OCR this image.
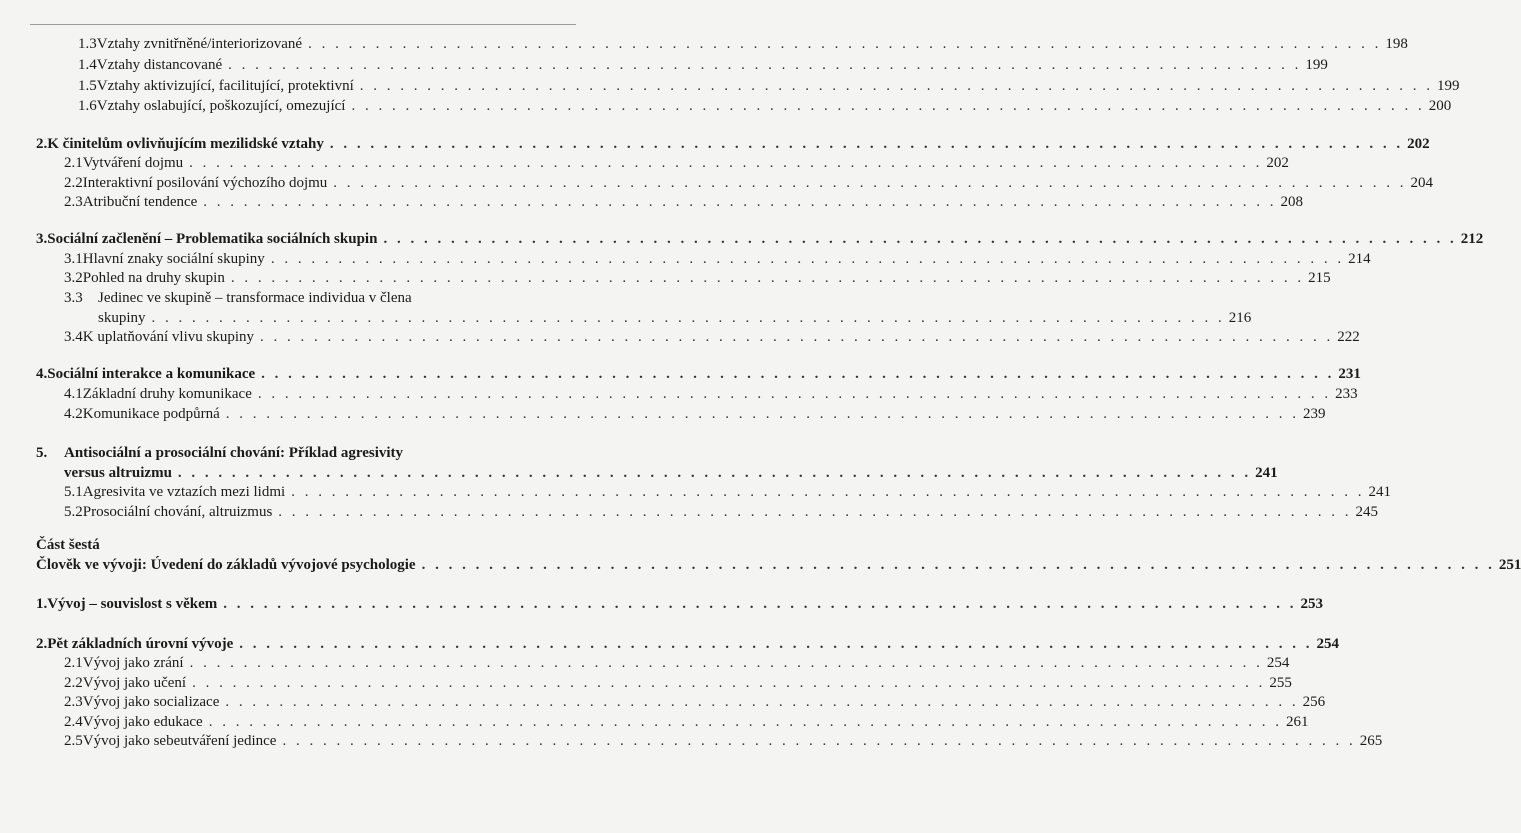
1.3 Vztahy zvnitřněné/interiorizované . . . . . . . . . . . . . . . . . . . . . . . . . . . . . . . . . . . . . . . . . . . . . . . . . . . . . . . . . . . . . . . . . . . . . . . . . . . . . . . . 198
1.4 Vztahy distancované . . . . . . . . . . . . . . . . . . . . . . . . . . . . . . . . . . . . . . . . . . . . . . . . . . . . . . . . . . . . . . . . . . . . . . . . . . . . . . . . 199
1.5 Vztahy aktivizující, facilitující, protektivní . . . . . . . . . . . . . . . . . . . . . . . . . . . . . . . . . . . . . . . . . . . . . . . . . . . . . . . . . . . . . . . . . . . . . . . . . . . . . . . . 199
1.6 Vztahy oslabující, poškozující, omezující . . . . . . . . . . . . . . . . . . . . . . . . . . . . . . . . . . . . . . . . . . . . . . . . . . . . . . . . . . . . . . . . . . . . . . . . . . . . . . . . 200
2. K činitelům ovlivňujícím mezilidské vztahy . . . . . . . . . . . . . . . . . . . . . . . . . . . . . . . . . . . . . . . . . . . . . . . . . . . . . . . . . . . . . . . . . . . . . . . . . . . . . . . . 202
2.1 Vytváření dojmu . . . . . . . . . . . . . . . . . . . . . . . . . . . . . . . . . . . . . . . . . . . . . . . . . . . . . . . . . . . . . . . . . . . . . . . . . . . . . . . . 202
2.2 Interaktivní posilování výchozího dojmu . . . . . . . . . . . . . . . . . . . . . . . . . . . . . . . . . . . . . . . . . . . . . . . . . . . . . . . . . . . . . . . . . . . . . . . . . . . . . . . . 204
2.3 Atribuční tendence . . . . . . . . . . . . . . . . . . . . . . . . . . . . . . . . . . . . . . . . . . . . . . . . . . . . . . . . . . . . . . . . . . . . . . . . . . . . . . . . 208
3. Sociální začlenění – Problematika sociálních skupin . . . . . . . . . . . . . . . . . . . . . . . . . . . . . . . . . . . . . . . . . . . . . . . . . . . . . . . . . . . . . . . . . . . . . . . . . . . . . . . . 212
3.1 Hlavní znaky sociální skupiny . . . . . . . . . . . . . . . . . . . . . . . . . . . . . . . . . . . . . . . . . . . . . . . . . . . . . . . . . . . . . . . . . . . . . . . . . . . . . . . . 214
3.2 Pohled na druhy skupin . . . . . . . . . . . . . . . . . . . . . . . . . . . . . . . . . . . . . . . . . . . . . . . . . . . . . . . . . . . . . . . . . . . . . . . . . . . . . . . . 215
3.3 Jedinec ve skupině – transformace individua v člena
skupiny . . . . . . . . . . . . . . . . . . . . . . . . . . . . . . . . . . . . . . . . . . . . . . . . . . . . . . . . . . . . . . . . . . . . . . . . . . . . . . . . 216
3.4 K uplatňování vlivu skupiny . . . . . . . . . . . . . . . . . . . . . . . . . . . . . . . . . . . . . . . . . . . . . . . . . . . . . . . . . . . . . . . . . . . . . . . . . . . . . . . . 222
4. Sociální interakce a komunikace . . . . . . . . . . . . . . . . . . . . . . . . . . . . . . . . . . . . . . . . . . . . . . . . . . . . . . . . . . . . . . . . . . . . . . . . . . . . . . . . 231
4.1 Základní druhy komunikace . . . . . . . . . . . . . . . . . . . . . . . . . . . . . . . . . . . . . . . . . . . . . . . . . . . . . . . . . . . . . . . . . . . . . . . . . . . . . . . . 233
4.2 Komunikace podpůrná . . . . . . . . . . . . . . . . . . . . . . . . . . . . . . . . . . . . . . . . . . . . . . . . . . . . . . . . . . . . . . . . . . . . . . . . . . . . . . . . 239
5. Antisociální a prosociální chování: Příklad agresivity
versus altruizmu . . . . . . . . . . . . . . . . . . . . . . . . . . . . . . . . . . . . . . . . . . . . . . . . . . . . . . . . . . . . . . . . . . . . . . . . . . . . . . . . 241
5.1 Agresivita ve vztazích mezi lidmi . . . . . . . . . . . . . . . . . . . . . . . . . . . . . . . . . . . . . . . . . . . . . . . . . . . . . . . . . . . . . . . . . . . . . . . . . . . . . . . . 241
5.2 Prosociální chování, altruizmus . . . . . . . . . . . . . . . . . . . . . . . . . . . . . . . . . . . . . . . . . . . . . . . . . . . . . . . . . . . . . . . . . . . . . . . . . . . . . . . . 245
Část šestá
Člověk ve vývoji: Úvedení do základů vývojové psychologie . . . . . . . . . . . . . . . . . . . . . . . . . . . . . . . . . . . . . . . . . . . . . . . . . . . . . . . . . . . . . . . . . . . . . . . . . . . . . . . . 251
1. Vývoj – souvislost s věkem . . . . . . . . . . . . . . . . . . . . . . . . . . . . . . . . . . . . . . . . . . . . . . . . . . . . . . . . . . . . . . . . . . . . . . . . . . . . . . . . 253
2. Pět základních úrovní vývoje . . . . . . . . . . . . . . . . . . . . . . . . . . . . . . . . . . . . . . . . . . . . . . . . . . . . . . . . . . . . . . . . . . . . . . . . . . . . . . . . 254
2.1 Vývoj jako zrání . . . . . . . . . . . . . . . . . . . . . . . . . . . . . . . . . . . . . . . . . . . . . . . . . . . . . . . . . . . . . . . . . . . . . . . . . . . . . . . . 254
2.2 Vývoj jako učení . . . . . . . . . . . . . . . . . . . . . . . . . . . . . . . . . . . . . . . . . . . . . . . . . . . . . . . . . . . . . . . . . . . . . . . . . . . . . . . . 255
2.3 Vývoj jako socializace . . . . . . . . . . . . . . . . . . . . . . . . . . . . . . . . . . . . . . . . . . . . . . . . . . . . . . . . . . . . . . . . . . . . . . . . . . . . . . . . 256
2.4 Vývoj jako edukace . . . . . . . . . . . . . . . . . . . . . . . . . . . . . . . . . . . . . . . . . . . . . . . . . . . . . . . . . . . . . . . . . . . . . . . . . . . . . . . . 261
2.5 Vývoj jako sebeutváření jedince . . . . . . . . . . . . . . . . . . . . . . . . . . . . . . . . . . . . . . . . . . . . . . . . . . . . . . . . . . . . . . . . . . . . . . . . . . . . . . . . 265
